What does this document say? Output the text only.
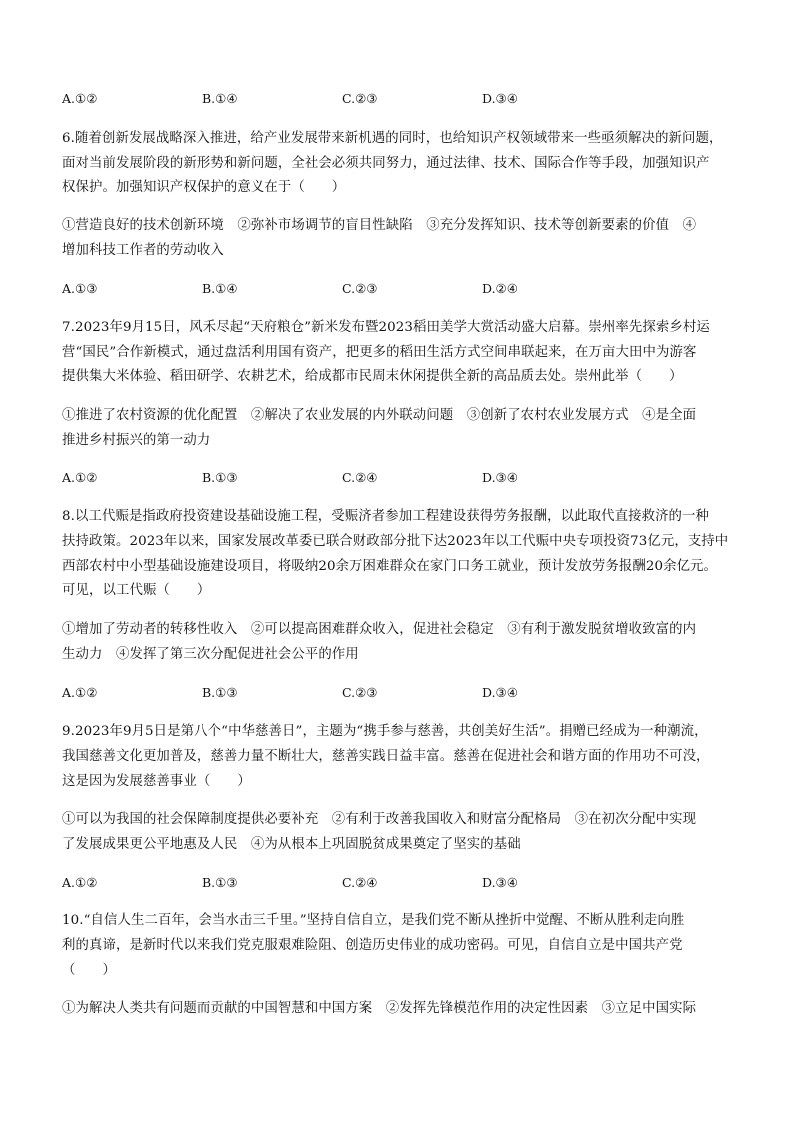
A.①②	B.①④	C.②③	D.③④
6.随着创新发展战略深入推进，给产业发展带来新机遇的同时，也给知识产权领域带来一些亟须解决的新问题，
面对当前发展阶段的新形势和新问题，全社会必须共同努力，通过法律、技术、国际合作等手段，加强知识产
权保护。加强知识产权保护的意义在于（　　）
①营造良好的技术创新环境　②弥补市场调节的盲目性缺陷　③充分发挥知识、技术等创新要素的价值　④
增加科技工作者的劳动收入
A.①③	B.①④	C.②③	D.②④
7.2023年9月15日，风禾尽起“天府粮仓”新米发布暨2023稻田美学大赏活动盛大启幕。崇州率先探索乡村运
营“国民”合作新模式，通过盘活利用国有资产，把更多的稻田生活方式空间串联起来，在万亩大田中为游客
提供集大米体验、稻田研学、农耕艺术，给成都市民周末休闲提供全新的高品质去处。崇州此举（　　）
①推进了农村资源的优化配置　②解决了农业发展的内外联动问题　③创新了农村农业发展方式　④是全面
推进乡村振兴的第一动力
A.①②	B.①③	C.②④	D.③④
8.以工代赈是指政府投资建设基础设施工程，受赈济者参加工程建设获得劳务报酬，以此取代直接救济的一种
扶持政策。2023年以来，国家发展改革委已联合财政部分批下达2023年以工代赈中央专项投资73亿元，支持中
西部农村中小型基础设施建设项目，将吸纳20余万困难群众在家门口务工就业，预计发放劳务报酬20余亿元。
可见，以工代赈（　　）
①增加了劳动者的转移性收入　②可以提高困难群众收入，促进社会稳定　③有利于激发脱贫增收致富的内
生动力　④发挥了第三次分配促进社会公平的作用
A.①②	B.①③	C.②③	D.③④
9.2023年9月5日是第八个“中华慈善日”，主题为“携手参与慈善，共创美好生活”。捐赠已经成为一种潮流，
我国慈善文化更加普及，慈善力量不断壮大，慈善实践日益丰富。慈善在促进社会和谐方面的作用功不可没，
这是因为发展慈善事业（　　）
①可以为我国的社会保障制度提供必要补充　②有利于改善我国收入和财富分配格局　③在初次分配中实现
了发展成果更公平地惠及人民　④为从根本上巩固脱贫成果奠定了坚实的基础
A.①②	B.①③	C.②④	D.③④
10.“自信人生二百年，会当水击三千里。”坚持自信自立，是我们党不断从挫折中觉醒、不断从胜利走向胜
利的真谛，是新时代以来我们党克服艰难险阻、创造历史伟业的成功密码。可见，自信自立是中国共产党
（　　）
①为解决人类共有问题而贡献的中国智慧和中国方案　②发挥先锋模范作用的决定性因素　③立足中国实际
